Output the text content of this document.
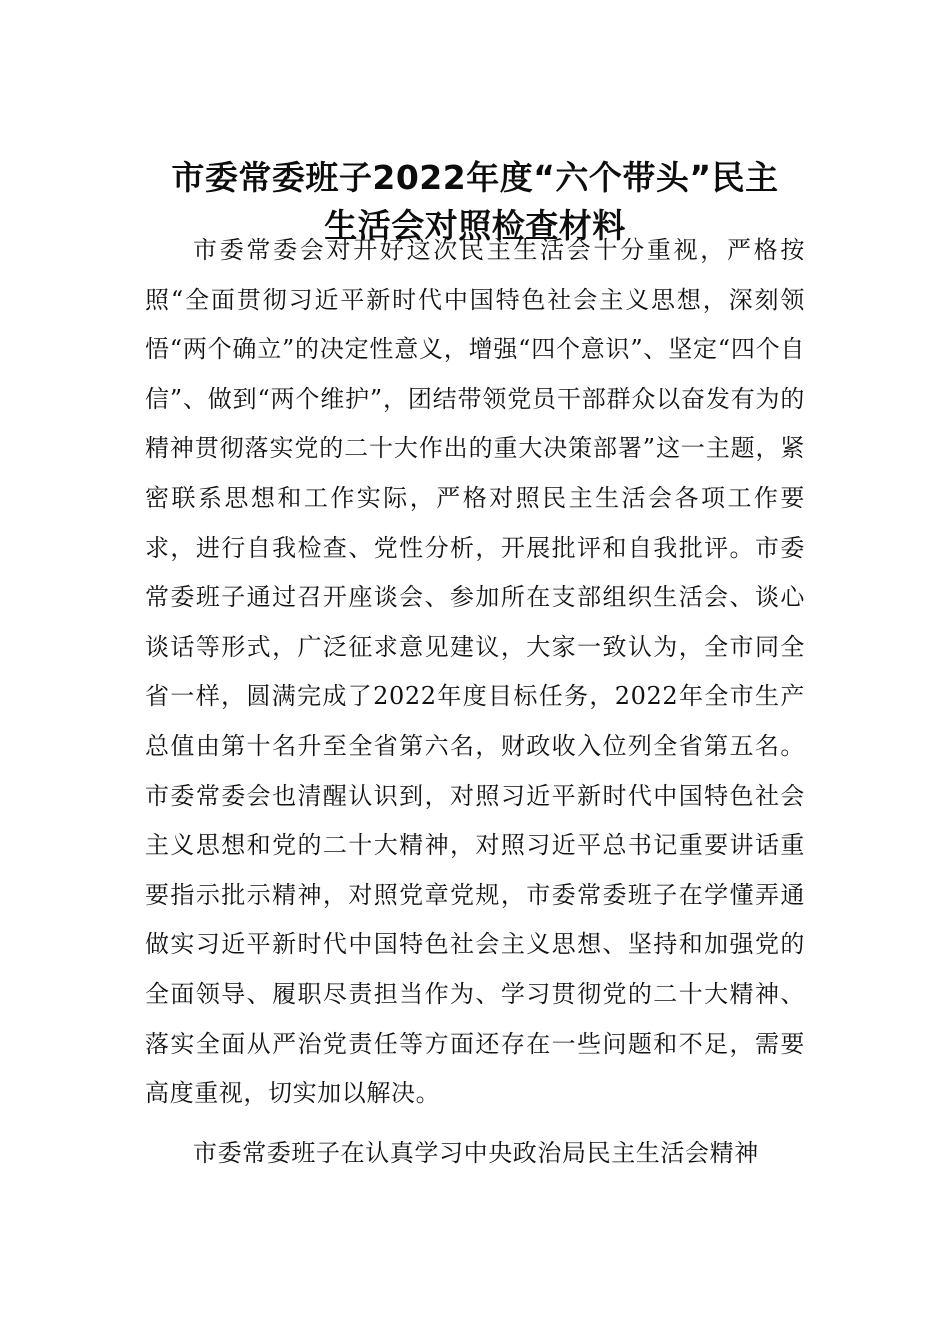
市委常委班子2022年度“六个带头”民主
生活会对照检查材料

市委常委会对开好这次民主生活会十分重视，严格按照“全面贯彻习近平新时代中国特色社会主义思想，深刻领悟“两个确立”的决定性意义，增强“四个意识”、坚定“四个自信”、做到“两个维护”，团结带领党员干部群众以奋发有为的精神贯彻落实党的二十大作出的重大决策部署”这一主题，紧密联系思想和工作实际，严格对照民主生活会各项工作要求，进行自我检查、党性分析，开展批评和自我批评。市委常委班子通过召开座谈会、参加所在支部组织生活会、谈心谈话等形式，广泛征求意见建议，大家一致认为，全市同全省一样，圆满完成了2022年度目标任务，2022年全市生产总值由第十名升至全省第六名，财政收入位列全省第五名。市委常委会也清醒认识到，对照习近平新时代中国特色社会主义思想和党的二十大精神，对照习近平总书记重要讲话重要指示批示精神，对照党章党规，市委常委班子在学懂弄通做实习近平新时代中国特色社会主义思想、坚持和加强党的全面领导、履职尽责担当作为、学习贯彻党的二十大精神、落实全面从严治党责任等方面还存在一些问题和不足，需要高度重视，切实加以解决。

市委常委班子在认真学习中央政治局民主生活会精神
